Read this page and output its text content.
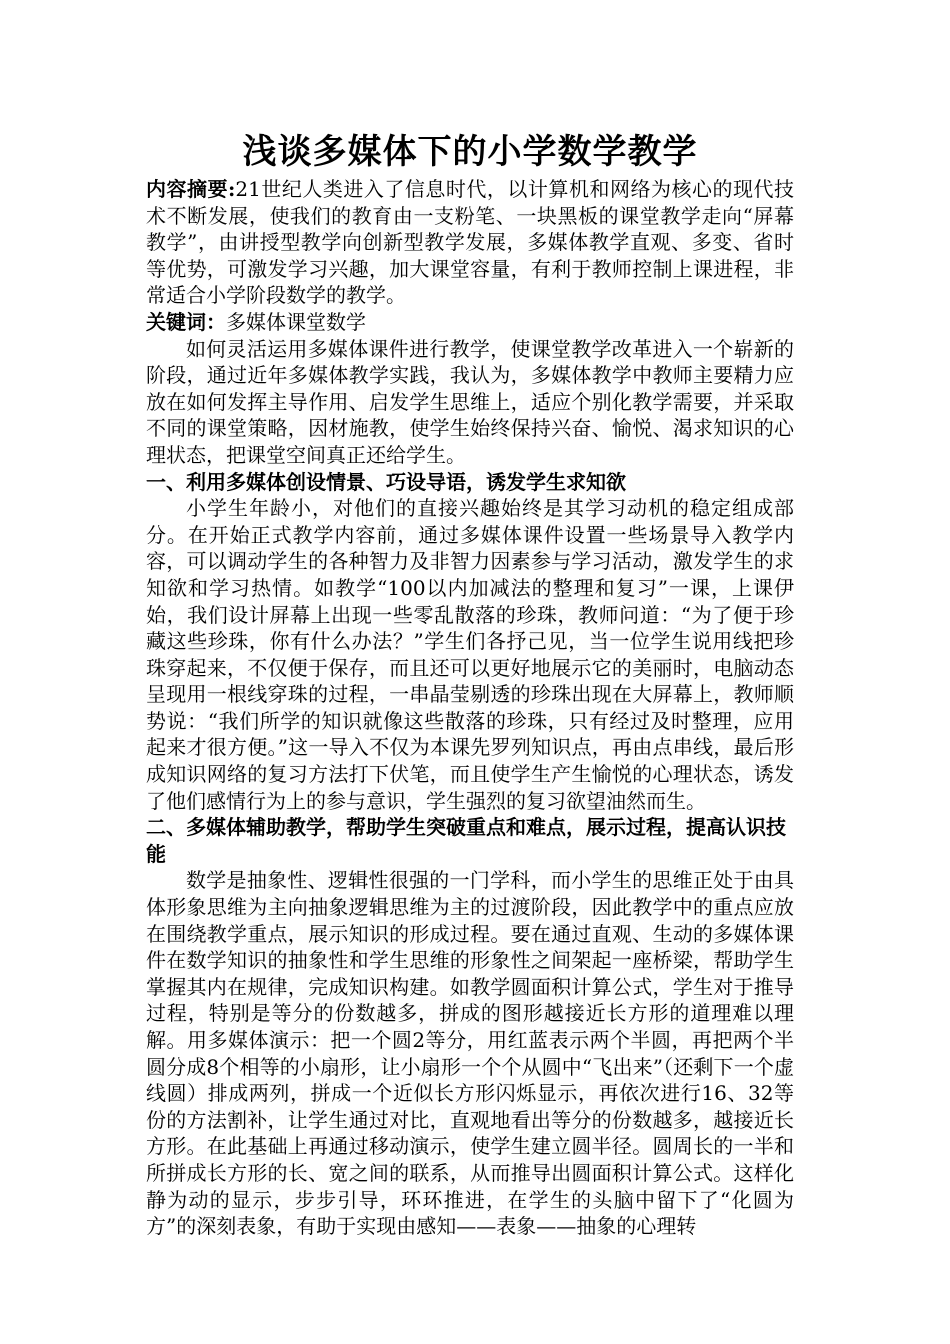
浅谈多媒体下的小学数学教学

内容摘要:21世纪人类进入了信息时代，以计算机和网络为核心的现代技术不断发展，使我们的教育由一支粉笔、一块黑板的课堂教学走向“屏幕教学”，由讲授型教学向创新型教学发展，多媒体教学直观、多变、省时等优势，可激发学习兴趣，加大课堂容量，有利于教师控制上课进程，非常适合小学阶段数学的教学。

关键词：多媒体课堂数学

如何灵活运用多媒体课件进行教学，使课堂教学改革进入一个崭新的阶段，通过近年多媒体教学实践，我认为，多媒体教学中教师主要精力应放在如何发挥主导作用、启发学生思维上，适应个别化教学需要，并采取不同的课堂策略，因材施教，使学生始终保持兴奋、愉悦、渴求知识的心理状态，把课堂空间真正还给学生。

一、利用多媒体创设情景、巧设导语，诱发学生求知欲

小学生年龄小，对他们的直接兴趣始终是其学习动机的稳定组成部分。在开始正式教学内容前，通过多媒体课件设置一些场景导入教学内容，可以调动学生的各种智力及非智力因素参与学习活动，激发学生的求知欲和学习热情。如教学“100以内加减法的整理和复习”一课，上课伊始，我们设计屏幕上出现一些零乱散落的珍珠，教师问道：“为了便于珍藏这些珍珠，你有什么办法？”学生们各抒己见，当一位学生说用线把珍珠穿起来，不仅便于保存，而且还可以更好地展示它的美丽时，电脑动态呈现用一根线穿珠的过程，一串晶莹剔透的珍珠出现在大屏幕上，教师顺势说：“我们所学的知识就像这些散落的珍珠，只有经过及时整理，应用起来才很方便。”这一导入不仅为本课先罗列知识点，再由点串线，最后形成知识网络的复习方法打下伏笔，而且使学生产生愉悦的心理状态，诱发了他们感情行为上的参与意识，学生强烈的复习欲望油然而生。

二、多媒体辅助教学，帮助学生突破重点和难点，展示过程，提高认识技能

数学是抽象性、逻辑性很强的一门学科，而小学生的思维正处于由具体形象思维为主向抽象逻辑思维为主的过渡阶段，因此教学中的重点应放在围绕教学重点，展示知识的形成过程。要在通过直观、生动的多媒体课件在数学知识的抽象性和学生思维的形象性之间架起一座桥梁，帮助学生掌握其内在规律，完成知识构建。如教学圆面积计算公式，学生对于推导过程，特别是等分的份数越多，拼成的图形越接近长方形的道理难以理解。用多媒体演示：把一个圆2等分，用红蓝表示两个半圆，再把两个半圆分成8个相等的小扇形，让小扇形一个个从圆中“飞出来”（还剩下一个虚线圆）排成两列，拼成一个近似长方形闪烁显示，再依次进行16、32等份的方法割补，让学生通过对比，直观地看出等分的份数越多，越接近长方形。在此基础上再通过移动演示，使学生建立圆半径。圆周长的一半和所拼成长方形的长、宽之间的联系，从而推导出圆面积计算公式。这样化静为动的显示，步步引导，环环推进，在学生的头脑中留下了“化圆为方”的深刻表象，有助于实现由感知——表象——抽象的心理转
